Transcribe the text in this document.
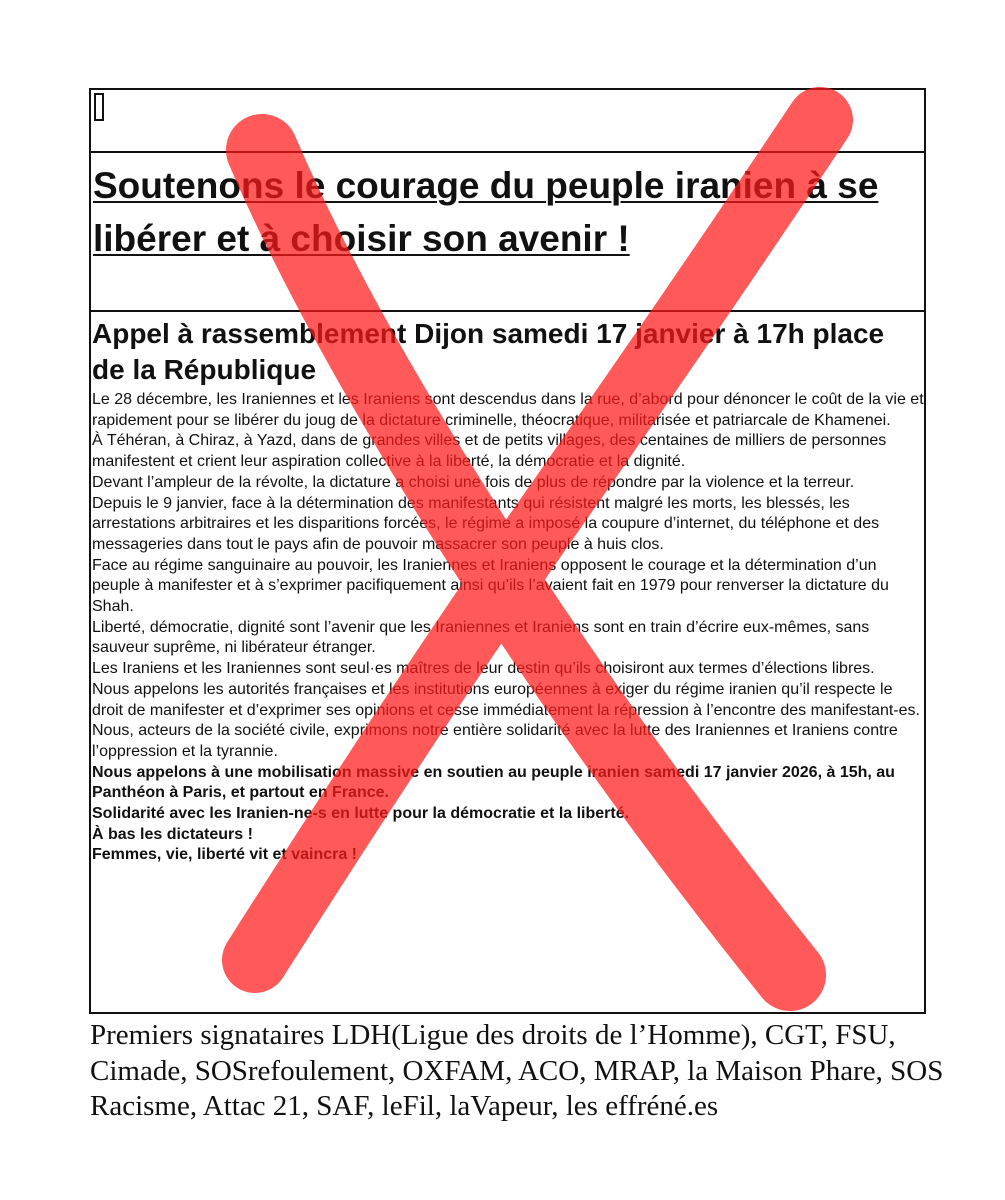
Soutenons le courage du peuple iranien à se libérer et à choisir son avenir !
Appel à rassemblement Dijon samedi 17 janvier à 17h place de la République

Le 28 décembre, les Iraniennes et les Iraniens sont descendus dans la rue, d’abord pour dénoncer le coût de la vie et rapidement pour se libérer du joug de la dictature criminelle, théocratique, militarisée et patriarcale de Khamenei.

À Téhéran, à Chiraz, à Yazd, dans de grandes villes et de petits villages, des centaines de milliers de personnes manifestent et crient leur aspiration collective à la liberté, la démocratie et la dignité.

Devant l’ampleur de la révolte, la dictature a choisi une fois de plus de répondre par la violence et la terreur.

Depuis le 9 janvier, face à la détermination des manifestants qui résistent malgré les morts, les blessés, les arrestations arbitraires et les disparitions forcées, le régime a imposé la coupure d’internet, du téléphone et des messageries dans tout le pays afin de pouvoir massacrer son peuple à huis clos.

Face au régime sanguinaire au pouvoir, les Iraniennes et Iraniens opposent le courage et la détermination d’un peuple à manifester et à s’exprimer pacifiquement ainsi qu’ils l’avaient fait en 1979 pour renverser la dictature du Shah.

Liberté, démocratie, dignité sont l’avenir que les Iraniennes et Iraniens sont en train d’écrire eux-mêmes, sans sauveur suprême, ni libérateur étranger.

Les Iraniens et les Iraniennes sont seul·es maîtres de leur destin qu’ils choisiront aux termes d’élections libres.

Nous appelons les autorités françaises et les institutions européennes à exiger du régime iranien qu’il respecte le droit de manifester et d’exprimer ses opinions et cesse immédiatement la répression à l’encontre des manifestant-es.

Nous, acteurs de la société civile, exprimons notre entière solidarité avec la lutte des Iraniennes et Iraniens contre l’oppression et la tyrannie.

Nous appelons à une mobilisation massive en soutien au peuple iranien samedi 17 janvier 2026, à 15h, au Panthéon à Paris, et partout en France.

Solidarité avec les Iranien-ne-s en lutte pour la démocratie et la liberté.

À bas les dictateurs !

Femmes, vie, liberté vit et vaincra !

Premiers signataires LDH(Ligue des droits de l’Homme), CGT, FSU, Cimade, SOSrefoulement, OXFAM, ACO, MRAP, la Maison Phare, SOS Racisme, Attac 21, SAF, leFil, laVapeur, les effréné.es
